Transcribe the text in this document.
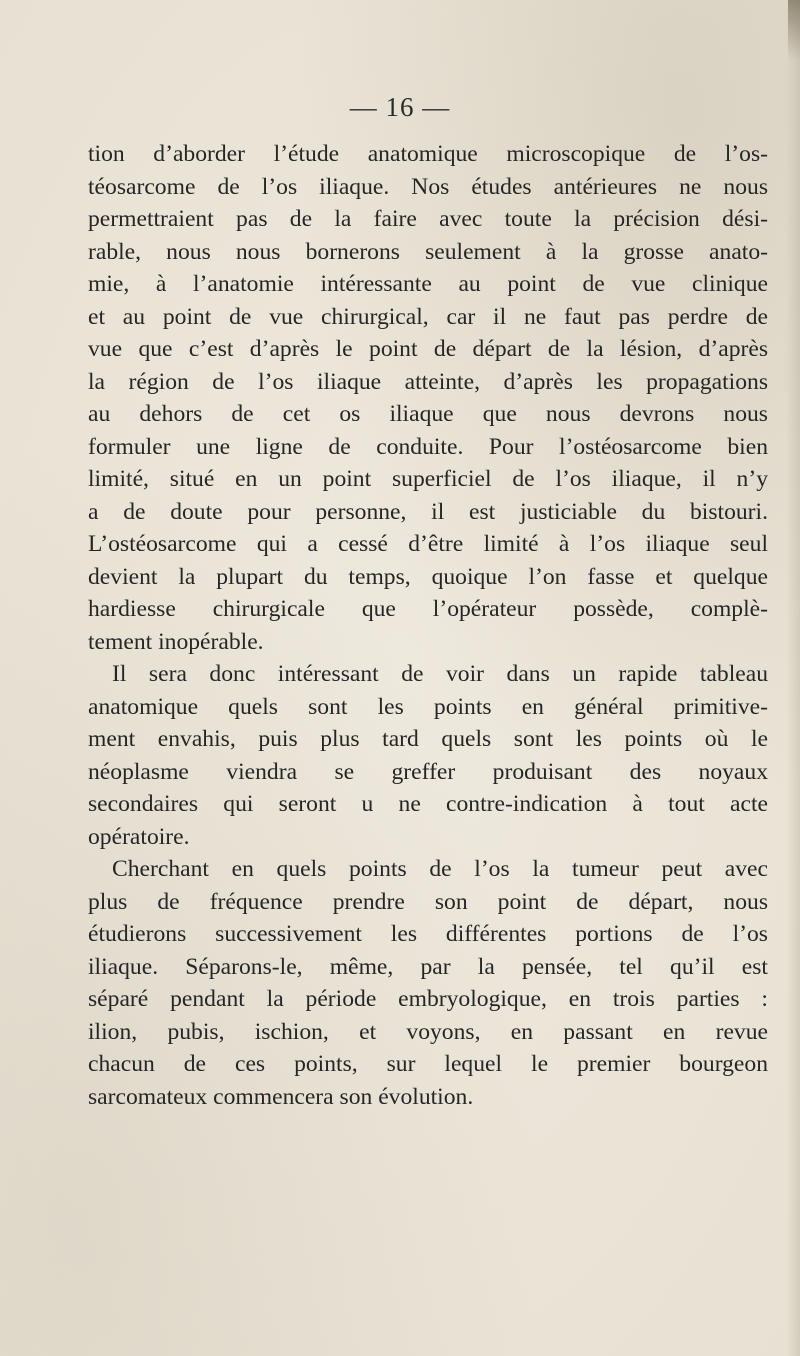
— 16 —
tion d’aborder l’étude anatomique microscopique de l’os-
téosarcome de l’os iliaque. Nos études antérieures ne nous
permettraient pas de la faire avec toute la précision dési-
rable, nous nous bornerons seulement à la grosse anato-
mie, à l’anatomie intéressante au point de vue clinique
et au point de vue chirurgical, car il ne faut pas perdre de
vue que c’est d’après le point de départ de la lésion, d’après
la région de l’os iliaque atteinte, d’après les propagations
au dehors de cet os iliaque que nous devrons nous
formuler une ligne de conduite. Pour l’ostéosarcome bien
limité, situé en un point superficiel de l’os iliaque, il n’y
a de doute pour personne, il est justiciable du bistouri.
L’ostéosarcome qui a cessé d’être limité à l’os iliaque seul
devient la plupart du temps, quoique l’on fasse et quelque
hardiesse chirurgicale que l’opérateur possède, complè-
tement inopérable.
Il sera donc intéressant de voir dans un rapide tableau
anatomique quels sont les points en général primitive-
ment envahis, puis plus tard quels sont les points où le
néoplasme viendra se greffer produisant des noyaux
secondaires qui seront u ne contre-indication à tout acte
opératoire.
Cherchant en quels points de l’os la tumeur peut avec
plus de fréquence prendre son point de départ, nous
étudierons successivement les différentes portions de l’os
iliaque. Séparons-le, même, par la pensée, tel qu’il est
séparé pendant la période embryologique, en trois parties :
ilion, pubis, ischion, et voyons, en passant en revue
chacun de ces points, sur lequel le premier bourgeon
sarcomateux commencera son évolution.
